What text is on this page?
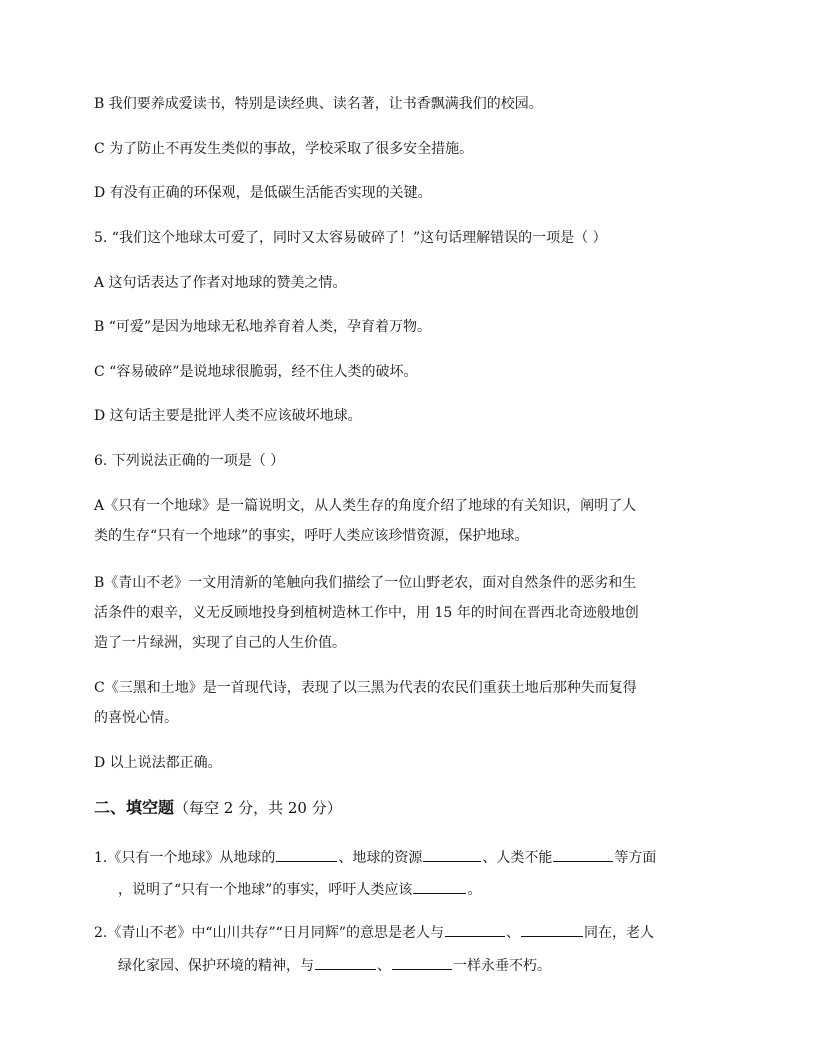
B 我们要养成爱读书，特别是读经典、读名著，让书香飘满我们的校园。
C 为了防止不再发生类似的事故，学校采取了很多安全措施。
D 有没有正确的环保观，是低碳生活能否实现的关键。
5. “我们这个地球太可爱了，同时又太容易破碎了！”这句话理解错误的一项是（ ）
A 这句话表达了作者对地球的赞美之情。
B “可爱”是因为地球无私地养育着人类，孕育着万物。
C “容易破碎”是说地球很脆弱，经不住人类的破坏。
D 这句话主要是批评人类不应该破坏地球。
6. 下列说法正确的一项是（ ）
A《只有一个地球》是一篇说明文，从人类生存的角度介绍了地球的有关知识，阐明了人
类的生存“只有一个地球”的事实，呼吁人类应该珍惜资源，保护地球。
B《青山不老》一文用清新的笔触向我们描绘了一位山野老农，面对自然条件的恶劣和生
活条件的艰辛，义无反顾地投身到植树造林工作中，用 15 年的时间在晋西北奇迹般地创
造了一片绿洲，实现了自己的人生价值。
C《三黑和土地》是一首现代诗，表现了以三黑为代表的农民们重获土地后那种失而复得
的喜悦心情。
D 以上说法都正确。
二、填空题（每空 2 分，共 20 分）
1.《只有一个地球》从地球的	、地球的资源	、人类不能	等方面
，说明了“只有一个地球”的事实，呼吁人类应该	。
2.《青山不老》中“山川共存”“日月同辉”的意思是老人与	、	同在，老人
绿化家园、保护环境的精神，与	、	一样永垂不朽。
